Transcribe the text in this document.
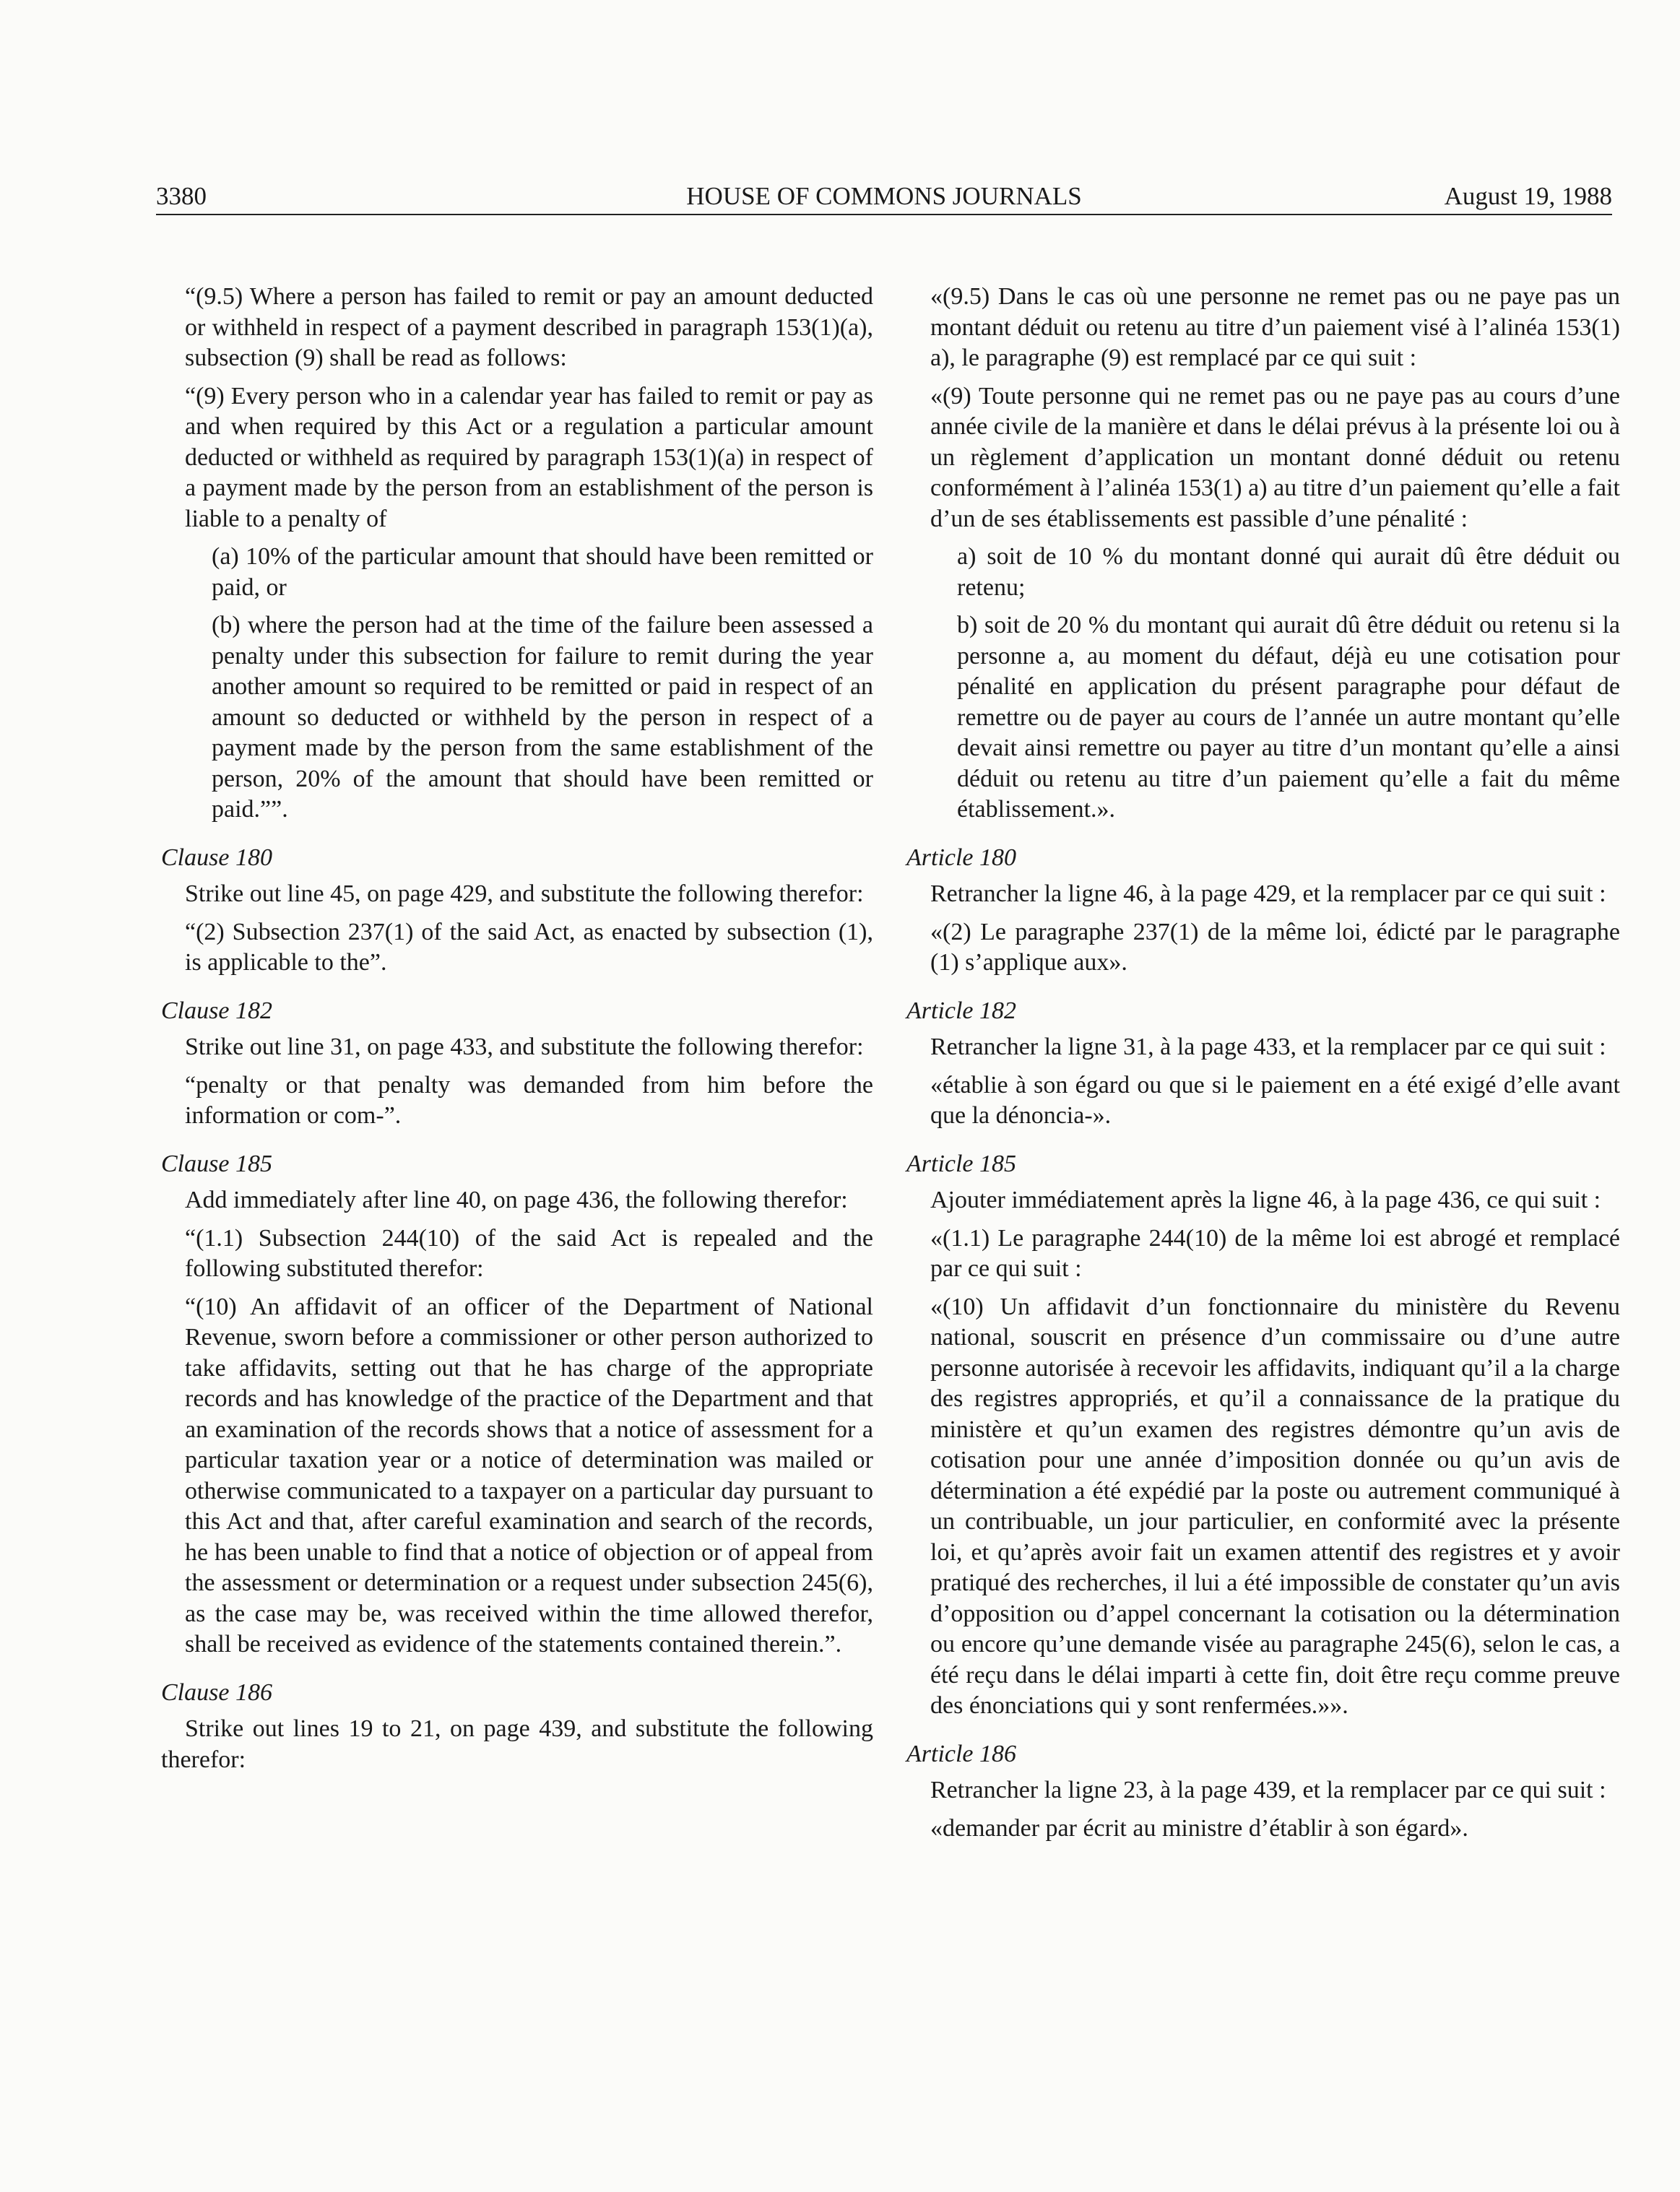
3380	HOUSE OF COMMONS JOURNALS	August 19, 1988

“(9.5) Where a person has failed to remit or pay an amount deducted or withheld in respect of a payment described in paragraph 153(1)(a), subsection (9) shall be read as follows:

“(9) Every person who in a calendar year has failed to remit or pay as and when required by this Act or a regulation a particular amount deducted or withheld as required by paragraph 153(1)(a) in respect of a payment made by the person from an establishment of the person is liable to a penalty of

(a) 10% of the particular amount that should have been remitted or paid, or

(b) where the person had at the time of the failure been assessed a penalty under this subsection for failure to remit during the year another amount so required to be remitted or paid in respect of an amount so deducted or withheld by the person in respect of a payment made by the person from the same establishment of the person, 20% of the amount that should have been remitted or paid.””.

Clause 180

Strike out line 45, on page 429, and substitute the following therefor:

“(2) Subsection 237(1) of the said Act, as enacted by subsection (1), is applicable to the”.

Clause 182

Strike out line 31, on page 433, and substitute the following therefor:

“penalty or that penalty was demanded from him before the information or com-”.

Clause 185

Add immediately after line 40, on page 436, the following therefor:

“(1.1) Subsection 244(10) of the said Act is repealed and the following substituted therefor:

“(10) An affidavit of an officer of the Department of National Revenue, sworn before a commissioner or other person authorized to take affidavits, setting out that he has charge of the appropriate records and has knowledge of the practice of the Department and that an examination of the records shows that a notice of assessment for a particular taxation year or a notice of determination was mailed or otherwise communicated to a taxpayer on a particular day pursuant to this Act and that, after careful examination and search of the records, he has been unable to find that a notice of objection or of appeal from the assessment or determination or a request under subsection 245(6), as the case may be, was received within the time allowed therefor, shall be received as evidence of the statements contained therein.”.

Clause 186

Strike out lines 19 to 21, on page 439, and substitute the following therefor:

«(9.5) Dans le cas où une personne ne remet pas ou ne paye pas un montant déduit ou retenu au titre d’un paiement visé à l’alinéa 153(1) a), le paragraphe (9) est remplacé par ce qui suit :

«(9) Toute personne qui ne remet pas ou ne paye pas au cours d’une année civile de la manière et dans le délai prévus à la présente loi ou à un règlement d’application un montant donné déduit ou retenu conformément à l’alinéa 153(1) a) au titre d’un paiement qu’elle a fait d’un de ses établissements est passible d’une pénalité :

a) soit de 10 % du montant donné qui aurait dû être déduit ou retenu;

b) soit de 20 % du montant qui aurait dû être déduit ou retenu si la personne a, au moment du défaut, déjà eu une cotisation pour pénalité en application du présent paragraphe pour défaut de remettre ou de payer au cours de l’année un autre montant qu’elle devait ainsi remettre ou payer au titre d’un montant qu’elle a ainsi déduit ou retenu au titre d’un paiement qu’elle a fait du même établissement.».

Article 180

Retrancher la ligne 46, à la page 429, et la remplacer par ce qui suit :

«(2) Le paragraphe 237(1) de la même loi, édicté par le paragraphe (1) s’applique aux».

Article 182

Retrancher la ligne 31, à la page 433, et la remplacer par ce qui suit :

«établie à son égard ou que si le paiement en a été exigé d’elle avant que la dénoncia-».

Article 185

Ajouter immédiatement après la ligne 46, à la page 436, ce qui suit :

«(1.1) Le paragraphe 244(10) de la même loi est abrogé et remplacé par ce qui suit :

«(10) Un affidavit d’un fonctionnaire du ministère du Revenu national, souscrit en présence d’un commissaire ou d’une autre personne autorisée à recevoir les affidavits, indiquant qu’il a la charge des registres appropriés, et qu’il a connaissance de la pratique du ministère et qu’un examen des registres démontre qu’un avis de cotisation pour une année d’imposition donnée ou qu’un avis de détermination a été expédié par la poste ou autrement communiqué à un contribuable, un jour particulier, en conformité avec la présente loi, et qu’après avoir fait un examen attentif des registres et y avoir pratiqué des recherches, il lui a été impossible de constater qu’un avis d’opposition ou d’appel concernant la cotisation ou la détermination ou encore qu’une demande visée au paragraphe 245(6), selon le cas, a été reçu dans le délai imparti à cette fin, doit être reçu comme preuve des énonciations qui y sont renfermées.»».

Article 186

Retrancher la ligne 23, à la page 439, et la remplacer par ce qui suit :

«demander par écrit au ministre d’établir à son égard».
